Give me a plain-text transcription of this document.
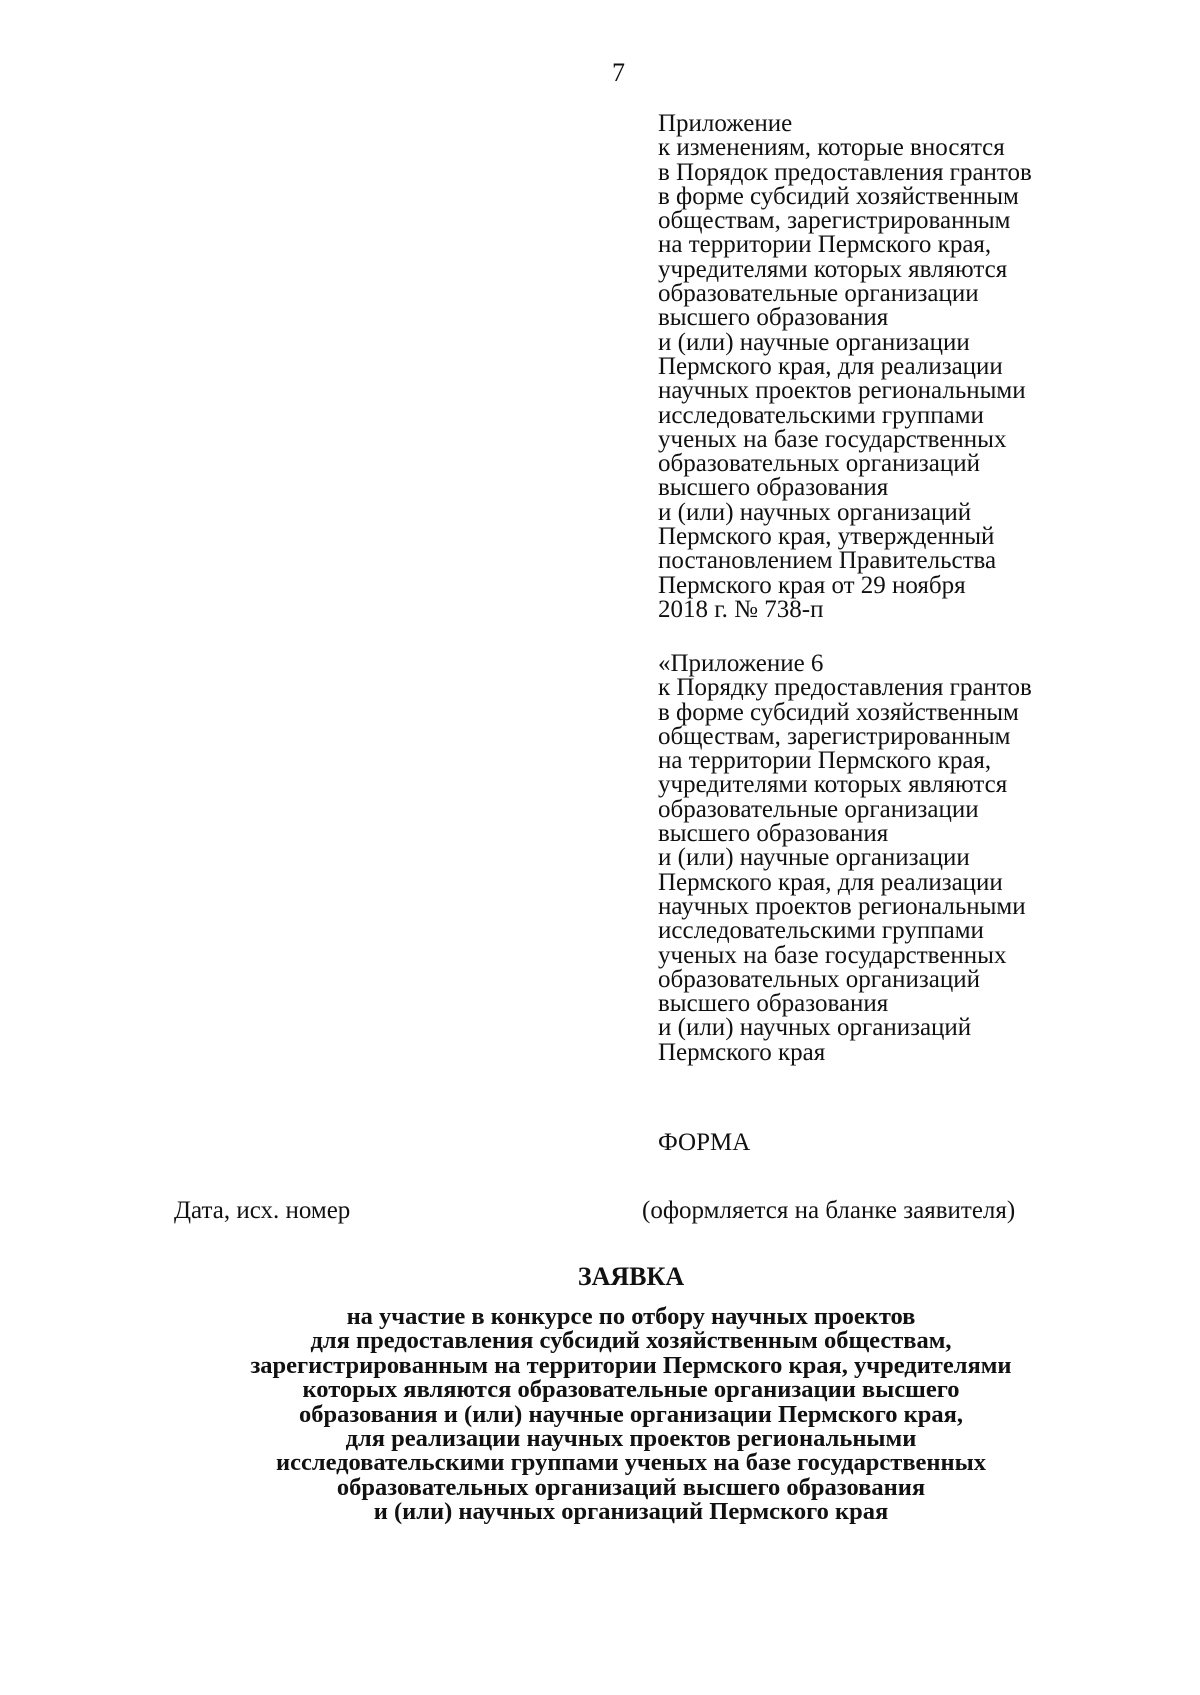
7
Приложение
к изменениям, которые вносятся
в Порядок предоставления грантов
в форме субсидий хозяйственным
обществам, зарегистрированным
на территории Пермского края,
учредителями которых являются
образовательные организации
высшего образования
и (или) научные организации
Пермского края, для реализации
научных проектов региональными
исследовательскими группами
ученых на базе государственных
образовательных организаций
высшего образования
и (или) научных организаций
Пермского края, утвержденный
постановлением Правительства
Пермского края от 29 ноября
2018 г. № 738-п
«Приложение 6
к Порядку предоставления грантов
в форме субсидий хозяйственным
обществам, зарегистрированным
на территории Пермского края,
учредителями которых являются
образовательные организации
высшего образования
и (или) научные организации
Пермского края, для реализации
научных проектов региональными
исследовательскими группами
ученых на базе государственных
образовательных организаций
высшего образования
и (или) научных организаций
Пермского края
ФОРМА
Дата, исх. номер	(оформляется на бланке заявителя)
ЗАЯВКА
на участие в конкурсе по отбору научных проектов
для предоставления субсидий хозяйственным обществам,
зарегистрированным на территории Пермского края, учредителями
которых являются образовательные организации высшего
образования и (или) научные организации Пермского края,
для реализации научных проектов региональными
исследовательскими группами ученых на базе государственных
образовательных организаций высшего образования
и (или) научных организаций Пермского края
